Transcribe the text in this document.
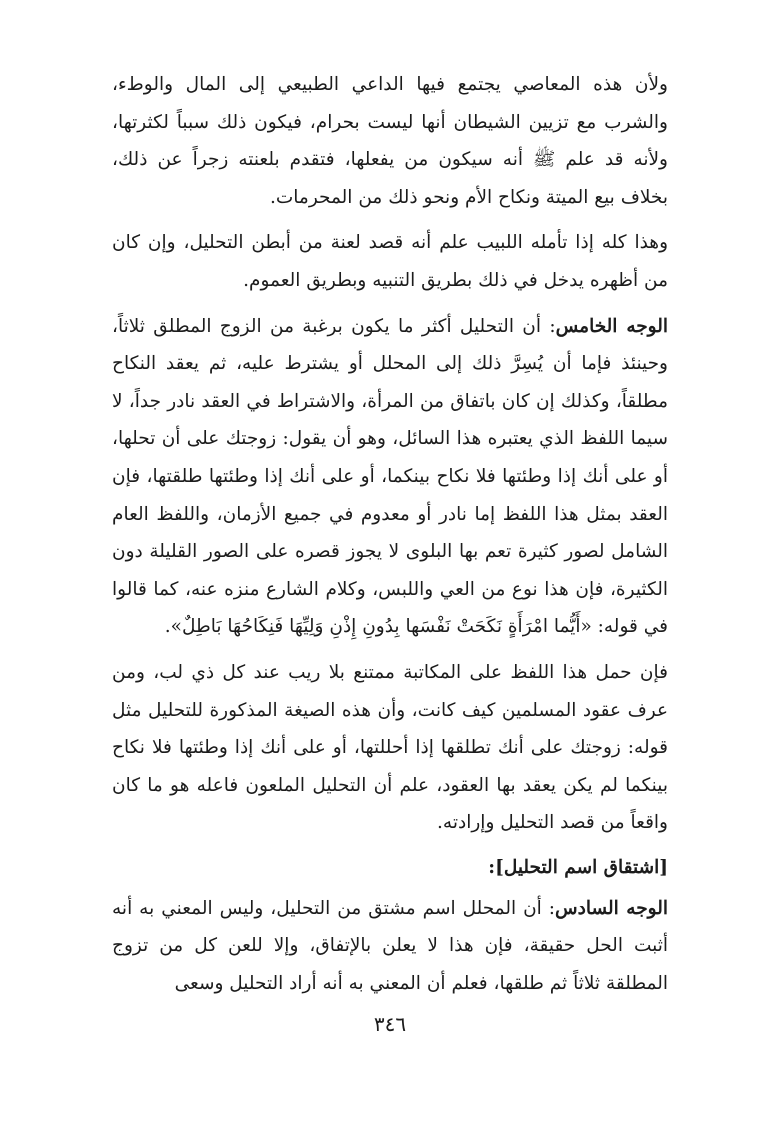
ولأن هذه المعاصي يجتمع فيها الداعي الطبيعي إلى المال والوطء، والشرب مع تزيين الشيطان أنها ليست بحرام، فيكون ذلك سبباً لكثرتها، ولأنه قد علم ﷺ أنه سيكون من يفعلها، فتقدم بلعنته زجراً عن ذلك، بخلاف بيع الميتة ونكاح الأم ونحو ذلك من المحرمات.

وهذا كله إذا تأمله اللبيب علم أنه قصد لعنة من أبطن التحليل، وإن كان من أظهره يدخل في ذلك بطريق التنبيه وبطريق العموم.

الوجه الخامس: أن التحليل أكثر ما يكون برغبة من الزوج المطلق ثلاثاً، وحينئذ فإما أن يُسِرَّ ذلك إلى المحلل أو يشترط عليه، ثم يعقد النكاح مطلقاً، وكذلك إن كان باتفاق من المرأة، والاشتراط في العقد نادر جداً، لا سيما اللفظ الذي يعتبره هذا السائل، وهو أن يقول: زوجتك على أن تحلها، أو على أنك إذا وطئتها فلا نكاح بينكما، أو على أنك إذا وطئتها طلقتها، فإن العقد بمثل هذا اللفظ إما نادر أو معدوم في جميع الأزمان، واللفظ العام الشامل لصور كثيرة تعم بها البلوى لا يجوز قصره على الصور القليلة دون الكثيرة، فإن هذا نوع من العي واللبس، وكلام الشارع منزه عنه، كما قالوا في قوله: «أَيُّما امْرَأَةٍ نَكَحَتْ نَفْسَها بِدُونِ إِذْنِ وَلِيِّهَا فَنِكَاحُهَا بَاطِلٌ».

فإن حمل هذا اللفظ على المكاتبة ممتنع بلا ريب عند كل ذي لب، ومن عرف عقود المسلمين كيف كانت، وأن هذه الصيغة المذكورة للتحليل مثل قوله: زوجتك على أنك تطلقها إذا أحللتها، أو على أنك إذا وطئتها فلا نكاح بينكما لم يكن يعقد بها العقود، علم أن التحليل الملعون فاعله هو ما كان واقعاً من قصد التحليل وإرادته.

[اشتقاق اسم التحليل]:

الوجه السادس: أن المحلل اسم مشتق من التحليل، وليس المعني به أنه أثبت الحل حقيقة، فإن هذا لا يعلن بالإتفاق، وإلا للعن كل من تزوج المطلقة ثلاثاً ثم طلقها، فعلم أن المعني به أنه أراد التحليل وسعى

٣٤٦
